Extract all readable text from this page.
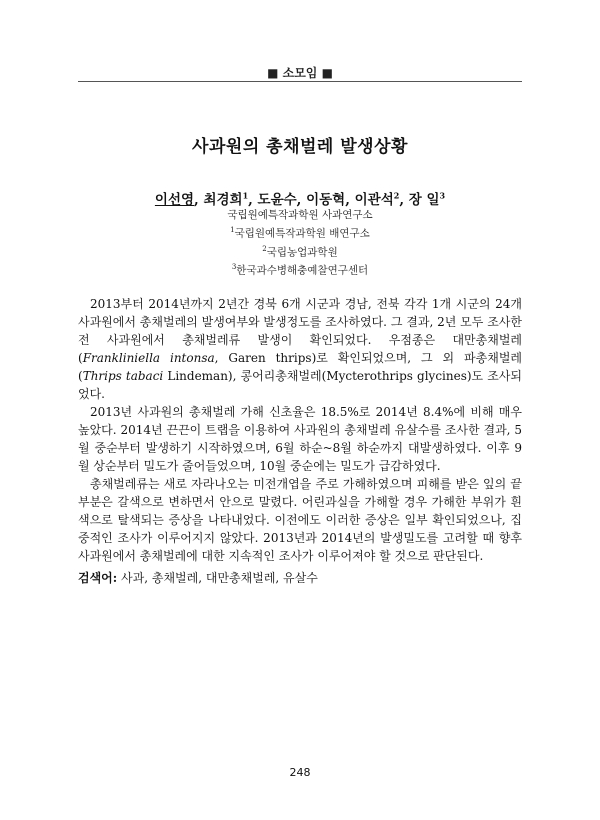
■ 소모임 ■
사과원의 총채벌레 발생상황
이선영, 최경희$^1$, 도윤수, 이동혁, 이관석$^2$, 장 일$^3$
국립원예특작과학원 사과연구소
$^1$국립원예특작과학원 배연구소
$^2$국립농업과학원
$^3$한국과수병해충예찰연구센터

2013부터 2014년까지 2년간 경북 6개 시군과 경남, 전북 각각 1개 시군의 24개 사과원에서 총채벌레의 발생여부와 발생정도를 조사하였다. 그 결과, 2년 모두 조사한 전 사과원에서 총채벌레류 발생이 확인되었다. 우점종은 대만총채벌레(Frankliniella intonsa, Garen thrips)로 확인되었으며, 그 외 파총채벌레(Thrips tabaci Lindeman), 콩어리총채벌레(Mycterothrips glycines)도 조사되었다.

2013년 사과원의 총채벌레 가해 신초율은 18.5%로 2014년 8.4%에 비해 매우 높았다. 2014년 끈끈이 트랩을 이용하여 사과원의 총채벌레 유살수를 조사한 결과, 5월 중순부터 발생하기 시작하였으며, 6월 하순~8월 하순까지 대발생하였다. 이후 9월 상순부터 밀도가 줄어들었으며, 10월 중순에는 밀도가 급감하였다.

총채벌레류는 새로 자라나오는 미전개엽을 주로 가해하였으며 피해를 받은 잎의 끝부분은 갈색으로 변하면서 안으로 말렸다. 어린과실을 가해할 경우 가해한 부위가 흰색으로 탈색되는 증상을 나타내었다. 이전에도 이러한 증상은 일부 확인되었으나, 집중적인 조사가 이루어지지 않았다. 2013년과 2014년의 발생밀도를 고려할 때 향후 사과원에서 총채벌레에 대한 지속적인 조사가 이루어져야 할 것으로 판단된다.

검색어: 사과, 총채벌레, 대만총채벌레, 유살수
248
